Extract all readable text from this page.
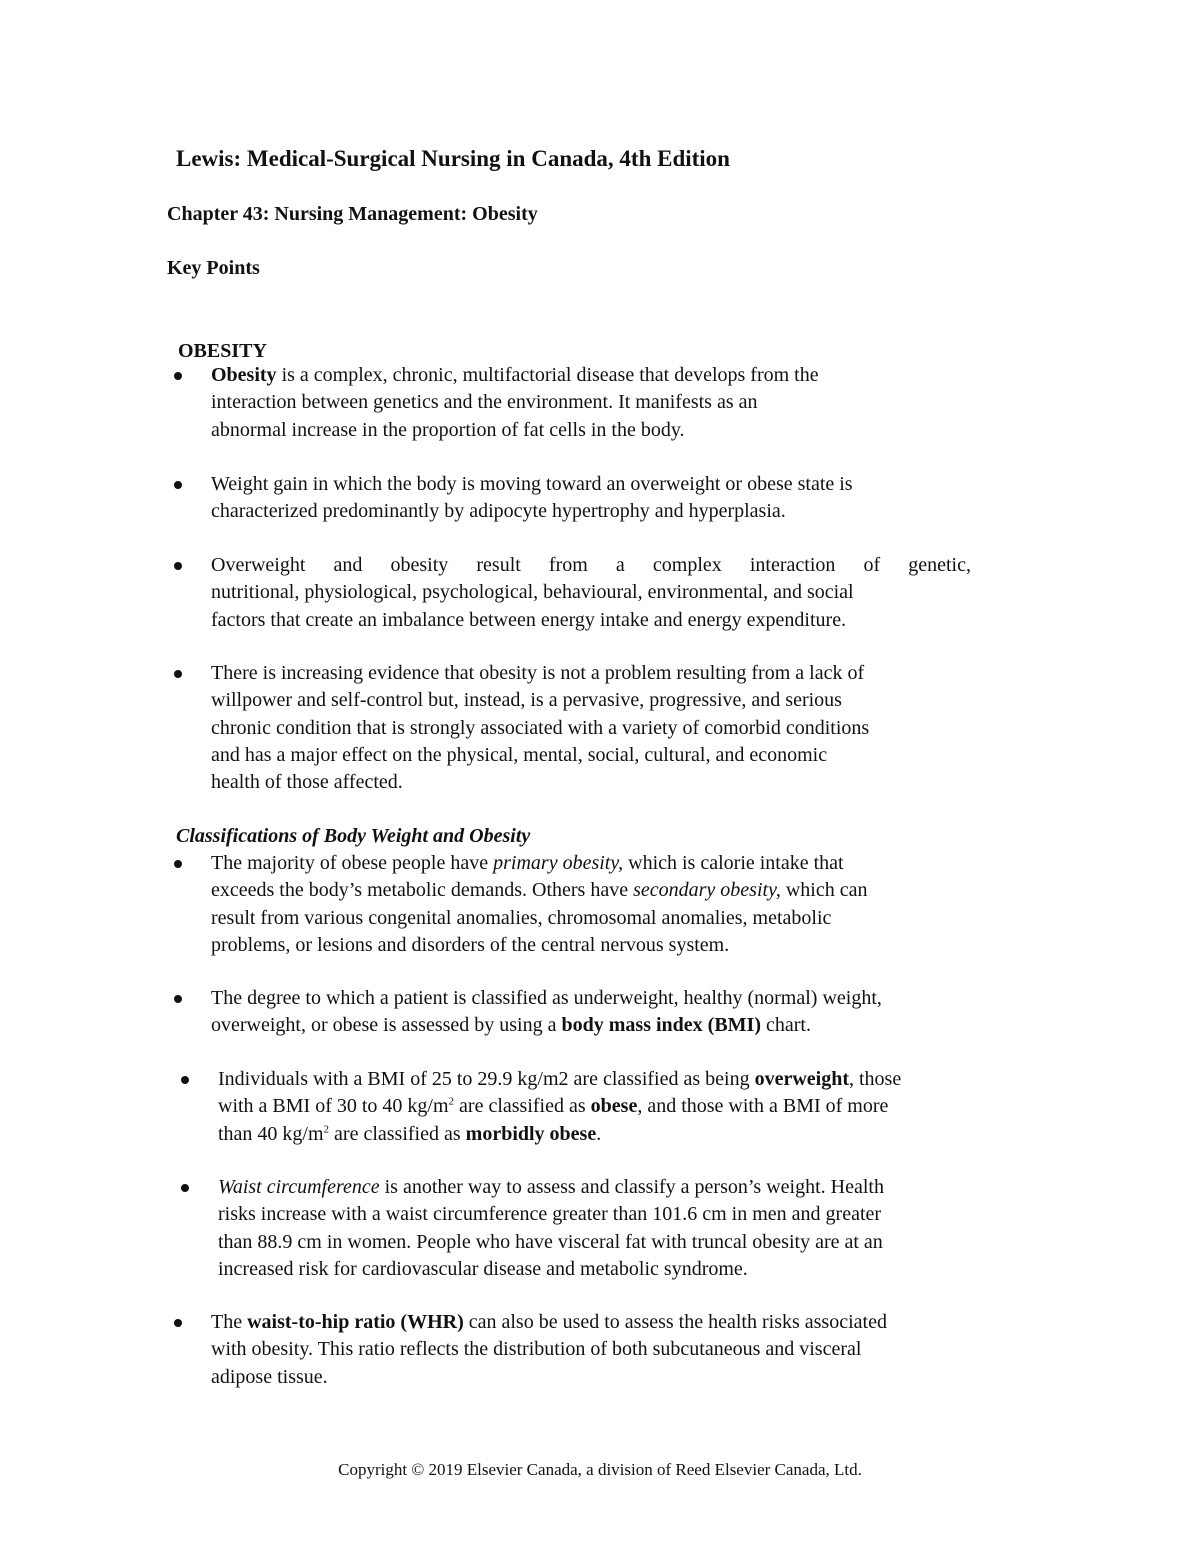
Lewis: Medical-Surgical Nursing in Canada, 4th Edition
Chapter 43: Nursing Management: Obesity
Key Points
OBESITY
Obesity is a complex, chronic, multifactorial disease that develops from the
interaction between genetics and the environment. It manifests as an
abnormal increase in the proportion of fat cells in the body.
Weight gain in which the body is moving toward an overweight or obese state is
characterized predominantly by adipocyte hypertrophy and hyperplasia.
Overweight and obesity result from a complex interaction of genetic,
nutritional, physiological, psychological, behavioural, environmental, and social
factors that create an imbalance between energy intake and energy expenditure.
There is increasing evidence that obesity is not a problem resulting from a lack of
willpower and self-control but, instead, is a pervasive, progressive, and serious
chronic condition that is strongly associated with a variety of comorbid conditions
and has a major effect on the physical, mental, social, cultural, and economic
health of those affected.
Classifications of Body Weight and Obesity
The majority of obese people have primary obesity, which is calorie intake that
exceeds the body’s metabolic demands. Others have secondary obesity, which can
result from various congenital anomalies, chromosomal anomalies, metabolic
problems, or lesions and disorders of the central nervous system.
The degree to which a patient is classified as underweight, healthy (normal) weight,
overweight, or obese is assessed by using a body mass index (BMI) chart.
Individuals with a BMI of 25 to 29.9 kg/m2 are classified as being overweight, those
with a BMI of 30 to 40 $kg/m^2$ are classified as obese, and those with a BMI of more
than 40 $kg/m^2$ are classified as morbidly obese.
Waist circumference is another way to assess and classify a person’s weight. Health
risks increase with a waist circumference greater than 101.6 cm in men and greater
than 88.9 cm in women. People who have visceral fat with truncal obesity are at an
increased risk for cardiovascular disease and metabolic syndrome.
The waist-to-hip ratio (WHR) can also be used to assess the health risks associated
with obesity. This ratio reflects the distribution of both subcutaneous and visceral
adipose tissue.
Copyright © 2019 Elsevier Canada, a division of Reed Elsevier Canada, Ltd.
